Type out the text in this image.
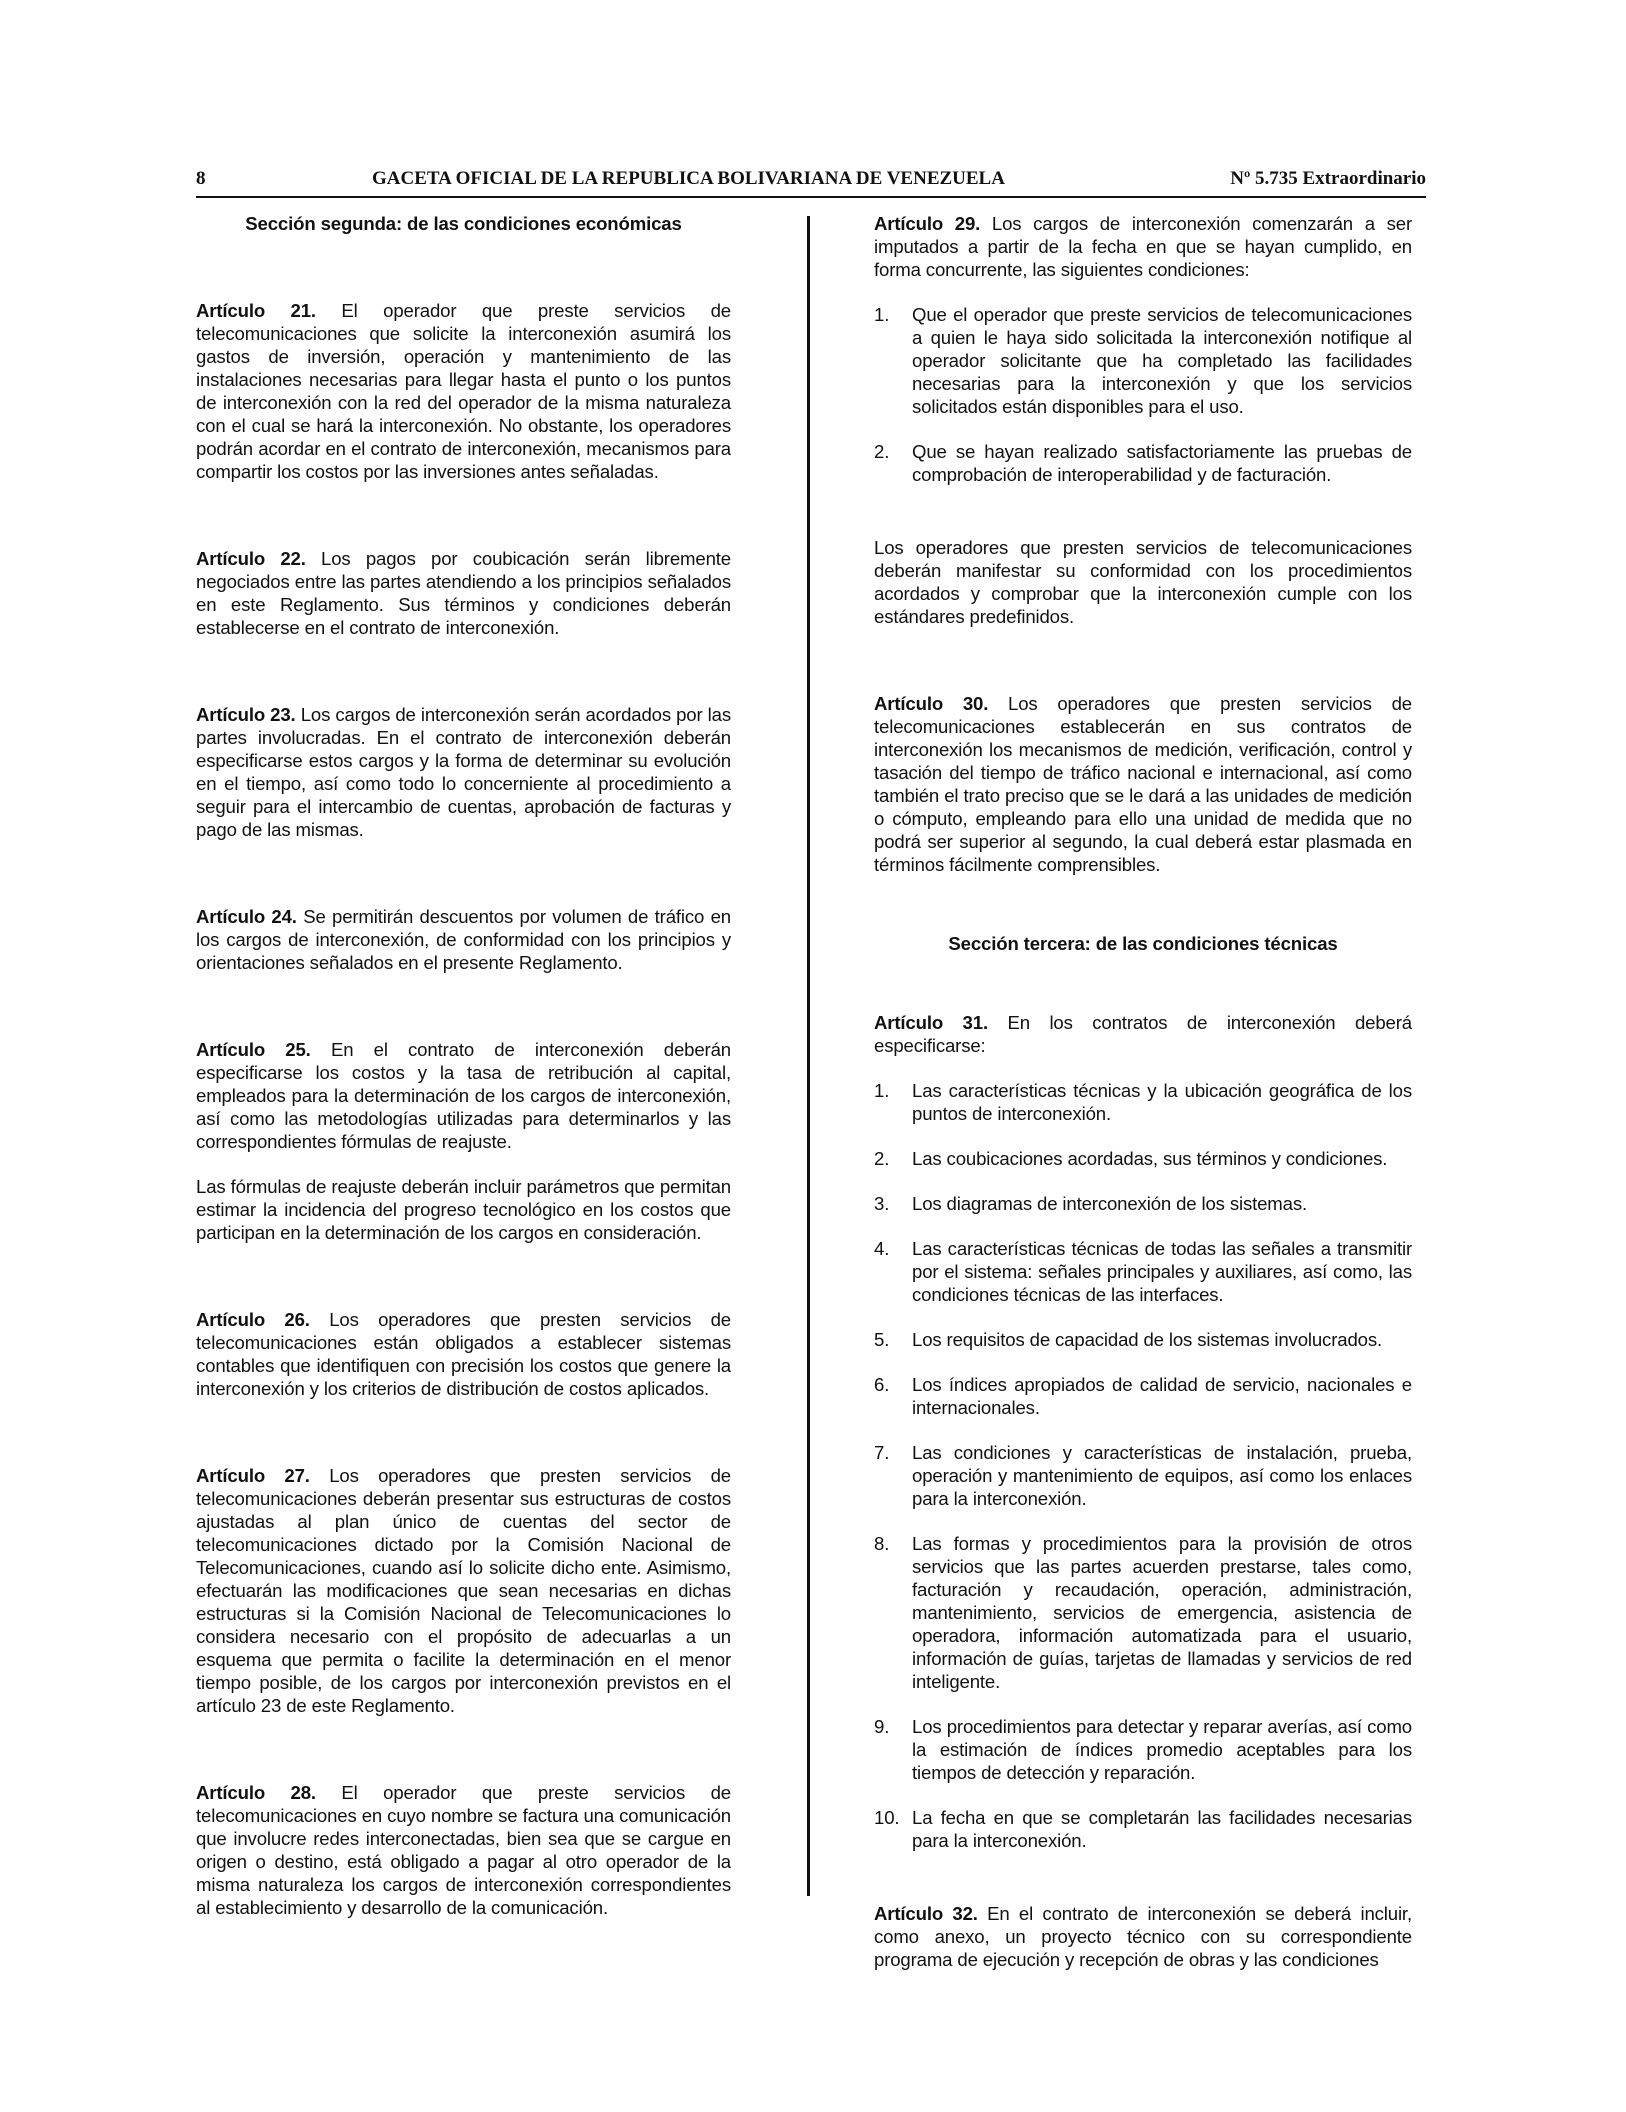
8	GACETA OFICIAL DE LA REPUBLICA BOLIVARIANA DE VENEZUELA	Nº 5.735 Extraordinario

Sección segunda: de las condiciones económicas

Artículo 21. El operador que preste servicios de telecomunicaciones que solicite la interconexión asumirá los gastos de inversión, operación y mantenimiento de las instalaciones necesarias para llegar hasta el punto o los puntos de interconexión con la red del operador de la misma naturaleza con el cual se hará la interconexión. No obstante, los operadores podrán acordar en el contrato de interconexión, mecanismos para compartir los costos por las inversiones antes señaladas.

Artículo 22. Los pagos por coubicación serán libremente negociados entre las partes atendiendo a los principios señalados en este Reglamento. Sus términos y condiciones deberán establecerse en el contrato de interconexión.

Artículo 23. Los cargos de interconexión serán acordados por las partes involucradas. En el contrato de interconexión deberán especificarse estos cargos y la forma de determinar su evolución en el tiempo, así como todo lo concerniente al procedimiento a seguir para el intercambio de cuentas, aprobación de facturas y pago de las mismas.

Artículo 24. Se permitirán descuentos por volumen de tráfico en los cargos de interconexión, de conformidad con los principios y orientaciones señalados en el presente Reglamento.

Artículo 25. En el contrato de interconexión deberán especificarse los costos y la tasa de retribución al capital, empleados para la determinación de los cargos de interconexión, así como las metodologías utilizadas para determinarlos y las correspondientes fórmulas de reajuste.

Las fórmulas de reajuste deberán incluir parámetros que permitan estimar la incidencia del progreso tecnológico en los costos que participan en la determinación de los cargos en consideración.

Artículo 26. Los operadores que presten servicios de telecomunicaciones están obligados a establecer sistemas contables que identifiquen con precisión los costos que genere la interconexión y los criterios de distribución de costos aplicados.

Artículo 27. Los operadores que presten servicios de telecomunicaciones deberán presentar sus estructuras de costos ajustadas al plan único de cuentas del sector de telecomunicaciones dictado por la Comisión Nacional de Telecomunicaciones, cuando así lo solicite dicho ente. Asimismo, efectuarán las modificaciones que sean necesarias en dichas estructuras si la Comisión Nacional de Telecomunicaciones lo considera necesario con el propósito de adecuarlas a un esquema que permita o facilite la determinación en el menor tiempo posible, de los cargos por interconexión previstos en el artículo 23 de este Reglamento.

Artículo 28. El operador que preste servicios de telecomunicaciones en cuyo nombre se factura una comunicación que involucre redes interconectadas, bien sea que se cargue en origen o destino, está obligado a pagar al otro operador de la misma naturaleza los cargos de interconexión correspondientes al establecimiento y desarrollo de la comunicación.

Artículo 29. Los cargos de interconexión comenzarán a ser imputados a partir de la fecha en que se hayan cumplido, en forma concurrente, las siguientes condiciones:

1. Que el operador que preste servicios de telecomunicaciones a quien le haya sido solicitada la interconexión notifique al operador solicitante que ha completado las facilidades necesarias para la interconexión y que los servicios solicitados están disponibles para el uso.
2. Que se hayan realizado satisfactoriamente las pruebas de comprobación de interoperabilidad y de facturación.

Los operadores que presten servicios de telecomunicaciones deberán manifestar su conformidad con los procedimientos acordados y comprobar que la interconexión cumple con los estándares predefinidos.

Artículo 30. Los operadores que presten servicios de telecomunicaciones establecerán en sus contratos de interconexión los mecanismos de medición, verificación, control y tasación del tiempo de tráfico nacional e internacional, así como también el trato preciso que se le dará a las unidades de medición o cómputo, empleando para ello una unidad de medida que no podrá ser superior al segundo, la cual deberá estar plasmada en términos fácilmente comprensibles.

Sección tercera: de las condiciones técnicas

Artículo 31. En los contratos de interconexión deberá especificarse:

1. Las características técnicas y la ubicación geográfica de los puntos de interconexión.
2. Las coubicaciones acordadas, sus términos y condiciones.
3. Los diagramas de interconexión de los sistemas.
4. Las características técnicas de todas las señales a transmitir por el sistema: señales principales y auxiliares, así como, las condiciones técnicas de las interfaces.
5. Los requisitos de capacidad de los sistemas involucrados.
6. Los índices apropiados de calidad de servicio, nacionales e internacionales.
7. Las condiciones y características de instalación, prueba, operación y mantenimiento de equipos, así como los enlaces para la interconexión.
8. Las formas y procedimientos para la provisión de otros servicios que las partes acuerden prestarse, tales como, facturación y recaudación, operación, administración, mantenimiento, servicios de emergencia, asistencia de operadora, información automatizada para el usuario, información de guías, tarjetas de llamadas y servicios de red inteligente.
9. Los procedimientos para detectar y reparar averías, así como la estimación de índices promedio aceptables para los tiempos de detección y reparación.
10. La fecha en que se completarán las facilidades necesarias para la interconexión.

Artículo 32. En el contrato de interconexión se deberá incluir, como anexo, un proyecto técnico con su correspondiente programa de ejecución y recepción de obras y las condiciones
